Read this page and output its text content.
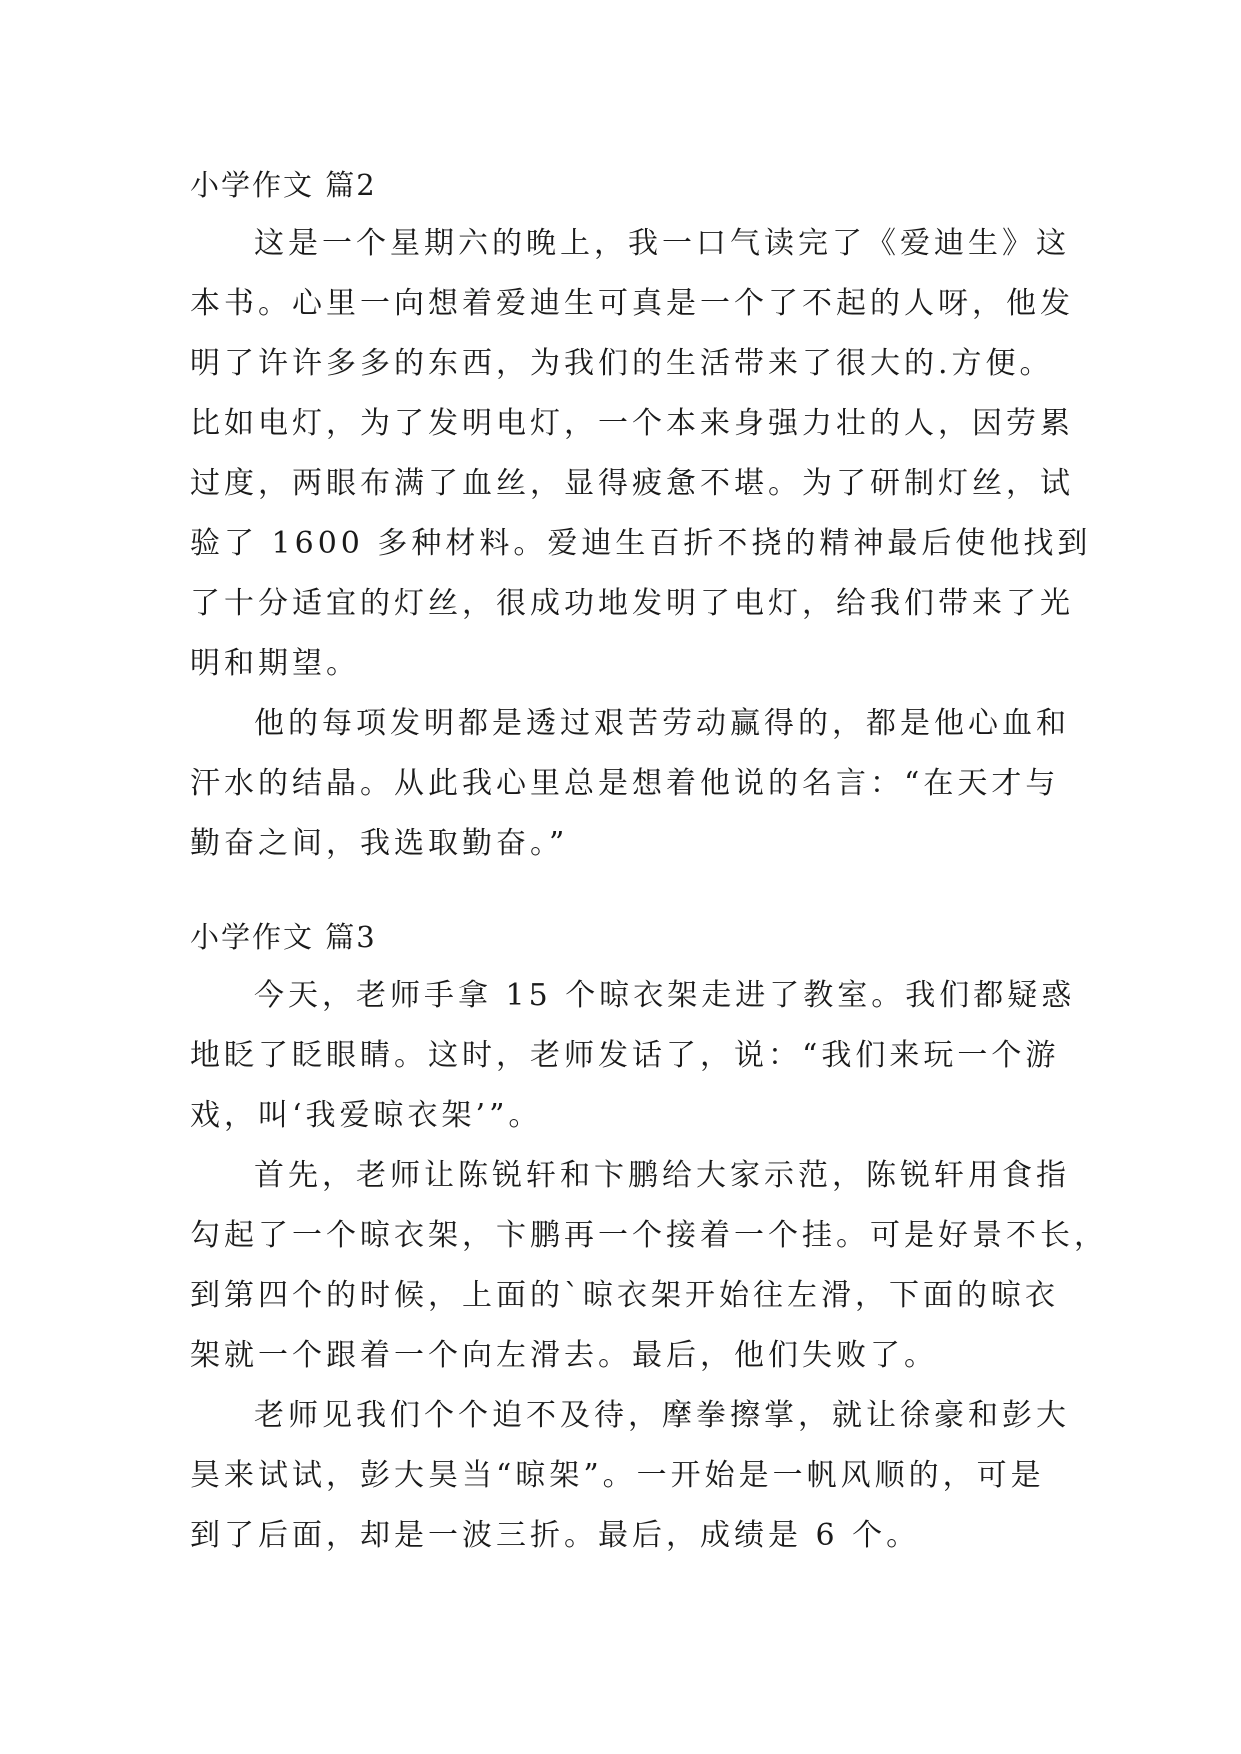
小学作文 篇2

这是一个星期六的晚上，我一口气读完了《爱迪生》这
本书。心里一向想着爱迪生可真是一个了不起的人呀，他发
明了许许多多的东西，为我们的生活带来了很大的.方便。
比如电灯，为了发明电灯，一个本来身强力壮的人，因劳累
过度，两眼布满了血丝，显得疲惫不堪。为了研制灯丝，试
验了 1600 多种材料。爱迪生百折不挠的精神最后使他找到
了十分适宜的灯丝，很成功地发明了电灯，给我们带来了光
明和期望。

他的每项发明都是透过艰苦劳动赢得的，都是他心血和
汗水的结晶。从此我心里总是想着他说的名言：“在天才与
勤奋之间，我选取勤奋。”

小学作文 篇3

今天，老师手拿 15 个晾衣架走进了教室。我们都疑惑
地眨了眨眼睛。这时，老师发话了，说：“我们来玩一个游
戏，叫‘我爱晾衣架’”。

首先，老师让陈锐轩和卞鹏给大家示范，陈锐轩用食指
勾起了一个晾衣架，卞鹏再一个接着一个挂。可是好景不长，
到第四个的时候，上面的`晾衣架开始往左滑，下面的晾衣
架就一个跟着一个向左滑去。最后，他们失败了。

老师见我们个个迫不及待，摩拳擦掌，就让徐豪和彭大
昊来试试，彭大昊当“晾架”。一开始是一帆风顺的，可是
到了后面，却是一波三折。最后，成绩是 6 个。
